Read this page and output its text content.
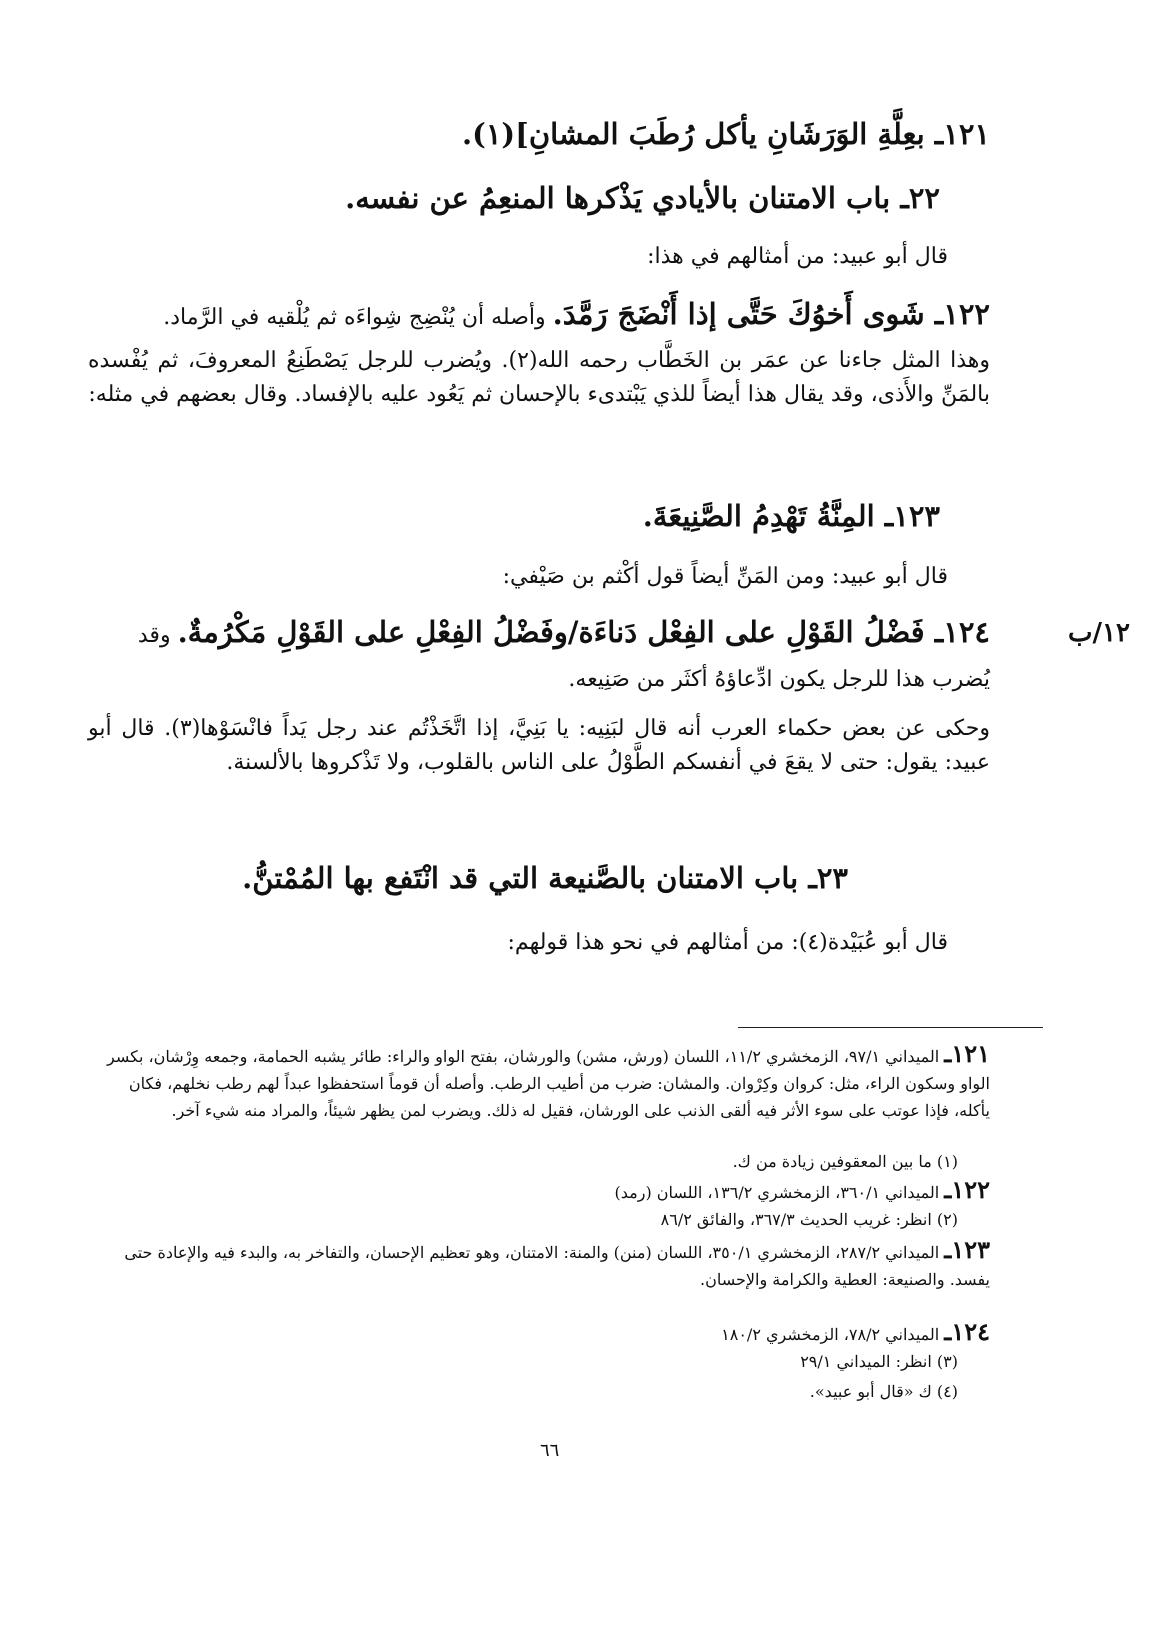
١٢/ب
١٢١ـ بعِلَّةِ الوَرَشَانِ يأكل رُطَبَ المشانِ](١).
٢٢ـ باب الامتنان بالأيادي يَذْكرها المنعِمُ عن نفسه.
قال أبو عبيد: من أمثالهم في هذا:
١٢٢ـ شَوى أَخوُكَ حَتَّى إذا أَنْضَجَ رَمَّدَ. وأصله أن يُنْضِج شِواءَه ثم يُلْقيه في الرَّماد.
وهذا المثل جاءنا عن عمَر بن الخَطَّاب رحمه الله(٢). ويُضرب للرجل يَصْطَنِعُ المعروفَ، ثم يُفْسده بالمَنِّ والأَذى، وقد يقال هذا أيضاً للذي يَبْتدىء بالإحسان ثم يَعُود عليه بالإفساد. وقال بعضهم في مثله:
١٢٣ـ المِنَّةُ تَهْدِمُ الصَّنِيعَةَ.
قال أبو عبيد: ومن المَنِّ أيضاً قول أكْثم بن صَيْفي:
١٢٤ـ فَضْلُ القَوْلِ على الفِعْل دَناءَة/وفَضْلُ الفِعْلِ على القَوْلِ مَكْرُمةٌ. وقد يُضرب هذا للرجل يكون ادِّعاؤهُ أكثَر من صَنِيعه.
وحكى عن بعض حكماء العرب أنه قال لبَنِيه: يا بَنِيَّ، إذا اتَّخَذْتُم عند رجل يَداً فانْسَوْها(٣). قال أبو عبيد: يقول: حتى لا يقعَ في أنفسكم الطَّوْلُ على الناس بالقلوب، ولا تَذْكروها بالألسنة.
٢٣ـ باب الامتنان بالصَّنيعة التي قد انْتَفع بها المُمْتنُّ.
قال أبو عُبَيْدة(٤): من أمثالهم في نحو هذا قولهم:
١٢١ـ الميداني ٩٧/١، الزمخشري ١١/٢، اللسان (ورش، مشن) والورشان، بفتح الواو والراء: طائر يشبه الحمامة، وجمعه وِرْشان، بكسر الواو وسكون الراء، مثل: كروان وكِرْوان. والمشان: ضرب من أطيب الرطب. وأصله أن قوماً استحفظوا عبداً لهم رطب نخلهم، فكان يأكله، فإذا عوتب على سوء الأثر فيه ألقى الذنب على الورشان، فقيل له ذلك. ويضرب لمن يظهر شيئاً، والمراد منه شيء آخر.
(١) ما بين المعقوفين زيادة من ك.
١٢٢ـ الميداني ٣٦٠/١، الزمخشري ١٣٦/٢، اللسان (رمد)
(٢) انظر: غريب الحديث ٣٦٧/٣، والفائق ٨٦/٢
١٢٣ـ الميداني ٢٨٧/٢، الزمخشري ٣٥٠/١، اللسان (منن) والمنة: الامتنان، وهو تعظيم الإحسان، والتفاخر به، والبدء فيه والإعادة حتى يفسد. والصنيعة: العطية والكرامة والإحسان.
١٢٤ـ الميداني ٧٨/٢، الزمخشري ١٨٠/٢
(٣) انظر: الميداني ٢٩/١
(٤) ك «قال أبو عبيد».
٦٦
